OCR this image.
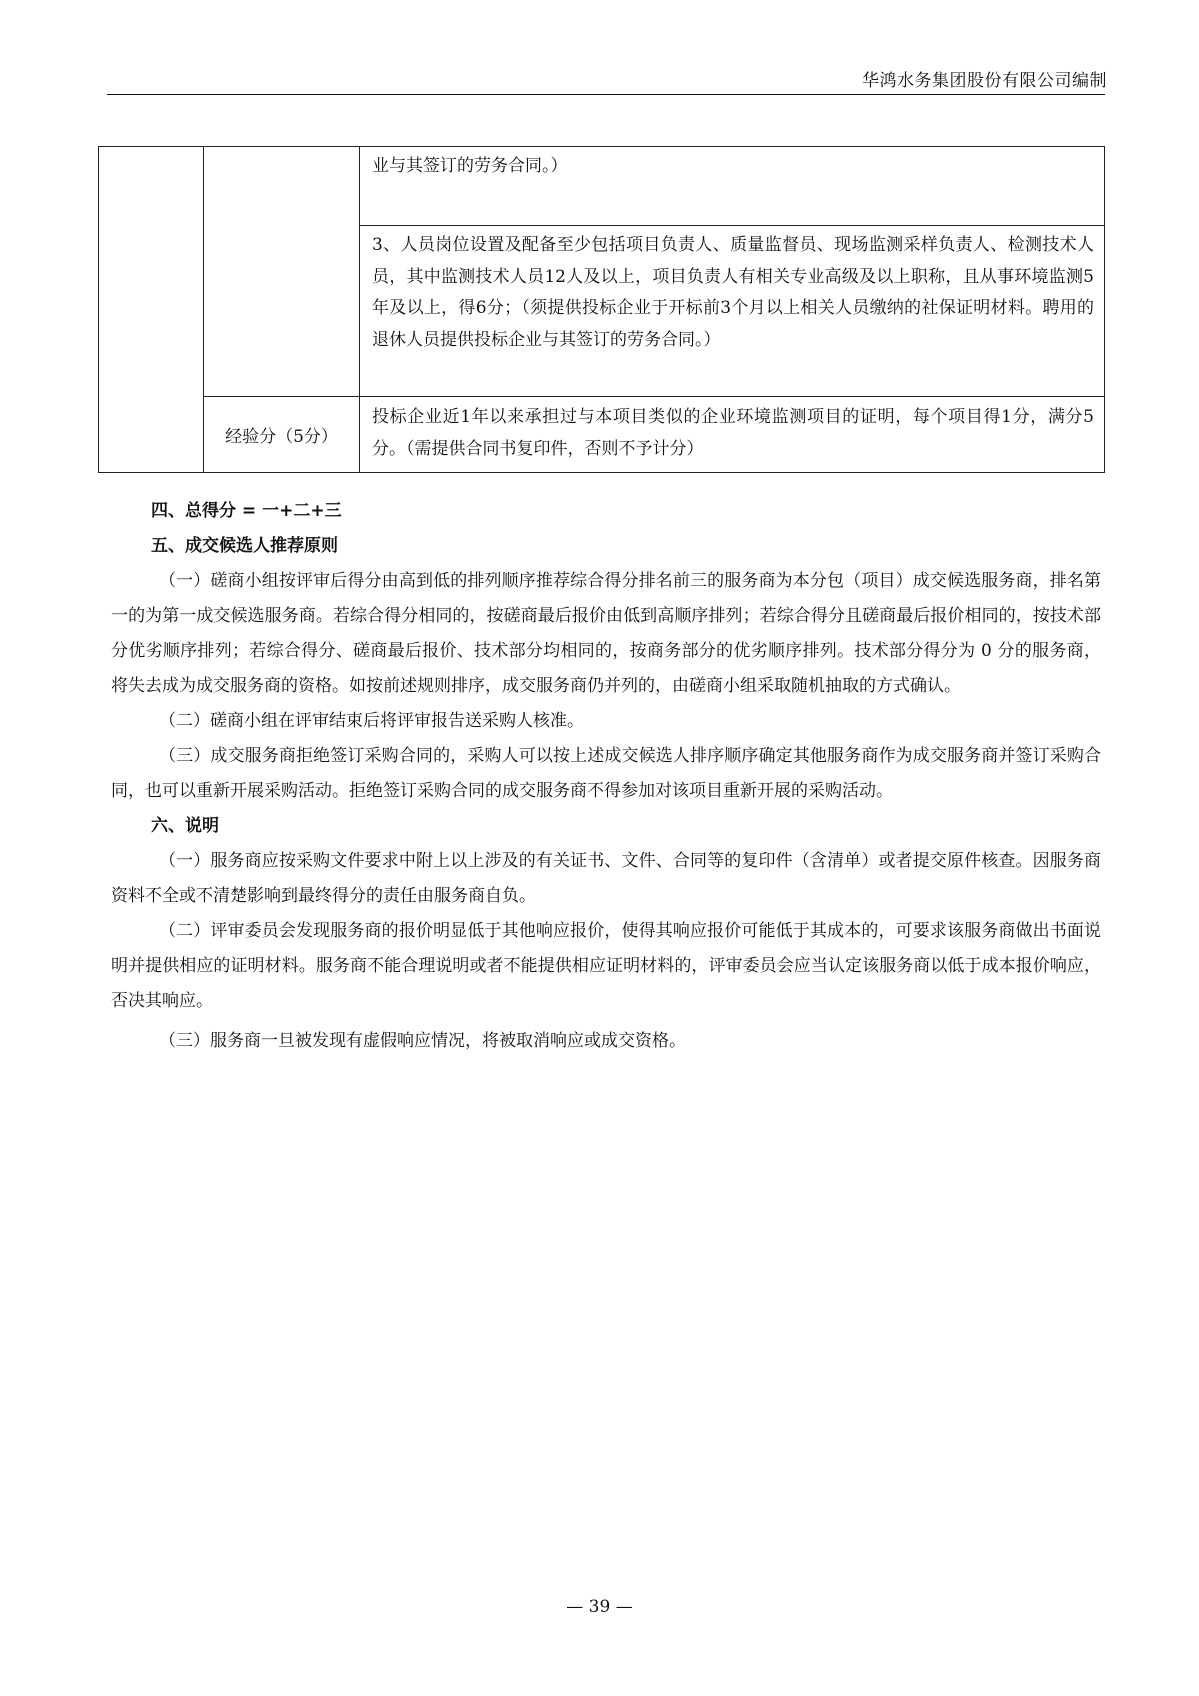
华鸿水务集团股份有限公司编制

		业与其签订的劳务合同。）

		3、人员岗位设置及配备至少包括项目负责人、质量监督员、现场监测采样负责人、检测技术人员，其中监测技术人员12人及以上，项目负责人有相关专业高级及以上职称，且从事环境监测5年及以上，得6分；（须提供投标企业于开标前3个月以上相关人员缴纳的社保证明材料。聘用的退休人员提供投标企业与其签订的劳务合同。）

	经验分（5分）	投标企业近1年以来承担过与本项目类似的企业环境监测项目的证明，每个项目得1分，满分5分。（需提供合同书复印件，否则不予计分）
四、总得分 = 一+二+三
五、成交候选人推荐原则

（一）磋商小组按评审后得分由高到低的排列顺序推荐综合得分排名前三的服务商为本分包（项目）成交候选服务商，排名第一的为第一成交候选服务商。若综合得分相同的，按磋商最后报价由低到高顺序排列；若综合得分且磋商最后报价相同的，按技术部分优劣顺序排列；若综合得分、磋商最后报价、技术部分均相同的，按商务部分的优劣顺序排列。技术部分得分为 0 分的服务商，将失去成为成交服务商的资格。如按前述规则排序，成交服务商仍并列的，由磋商小组采取随机抽取的方式确认。

（二）磋商小组在评审结束后将评审报告送采购人核准。

（三）成交服务商拒绝签订采购合同的，采购人可以按上述成交候选人排序顺序确定其他服务商作为成交服务商并签订采购合同，也可以重新开展采购活动。拒绝签订采购合同的成交服务商不得参加对该项目重新开展的采购活动。

六、说明

（一）服务商应按采购文件要求中附上以上涉及的有关证书、文件、合同等的复印件（含清单）或者提交原件核查。因服务商资料不全或不清楚影响到最终得分的责任由服务商自负。

（二）评审委员会发现服务商的报价明显低于其他响应报价，使得其响应报价可能低于其成本的，可要求该服务商做出书面说明并提供相应的证明材料。服务商不能合理说明或者不能提供相应证明材料的，评审委员会应当认定该服务商以低于成本报价响应，否决其响应。

（三）服务商一旦被发现有虚假响应情况，将被取消响应或成交资格。

— 39 —
